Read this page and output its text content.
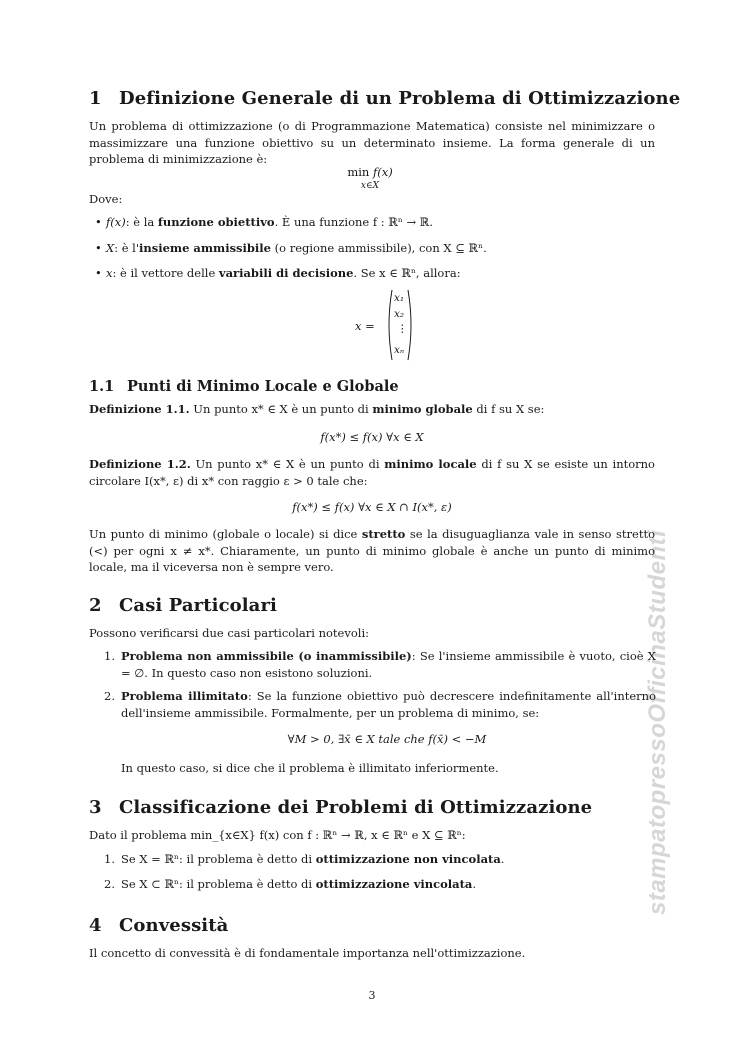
stampatopressoOfficinaStudenti
1 Definizione Generale di un Problema di Ottimizzazione

Un problema di ottimizzazione (o di Programmazione Matematica) consiste nel minimizzare o massimizzare una funzione obiettivo su un determinato insieme. La forma generale di un problema di minimizzazione è:

min f(x)
x∈X

Dove:

• f(x): è la funzione obiettivo. È una funzione f : ℝⁿ → ℝ.
• X: è l'insieme ammissibile (o regione ammissibile), con X ⊆ ℝⁿ.
• x: è il vettore delle variabili di decisione. Se x ∈ ℝⁿ, allora:
x =
x₁
x₂
⋮
xₙ
1.1 Punti di Minimo Locale e Globale

Definizione 1.1. Un punto x* ∈ X è un punto di minimo globale di f su X se:

f(x*) ≤ f(x) ∀x ∈ X

Definizione 1.2. Un punto x* ∈ X è un punto di minimo locale di f su X se esiste un intorno circolare I(x*, ε) di x* con raggio ε > 0 tale che:

f(x*) ≤ f(x) ∀x ∈ X ∩ I(x*, ε)

Un punto di minimo (globale o locale) si dice stretto se la disuguaglianza vale in senso stretto (<) per ogni x ≠ x*. Chiaramente, un punto di minimo globale è anche un punto di minimo locale, ma il viceversa non è sempre vero.

2 Casi Particolari

Possono verificarsi due casi particolari notevoli:

1. Problema non ammissibile (o inammissibile): Se l'insieme ammissibile è vuoto, cioè X = ∅. In questo caso non esistono soluzioni.

2. Problema illimitato: Se la funzione obiettivo può decrescere indefinitamente all'interno dell'insieme ammissibile. Formalmente, per un problema di minimo, se:

∀M > 0, ∃x̄ ∈ X tale che f(x̄) < −M

In questo caso, si dice che il problema è illimitato inferiormente.

3 Classificazione dei Problemi di Ottimizzazione

Dato il problema min_{x∈X} f(x) con f : ℝⁿ → ℝ, x ∈ ℝⁿ e X ⊆ ℝⁿ:

1. Se X = ℝⁿ: il problema è detto di ottimizzazione non vincolata.

2. Se X ⊂ ℝⁿ: il problema è detto di ottimizzazione vincolata.

4 Convessità

Il concetto di convessità è di fondamentale importanza nell'ottimizzazione.

3
